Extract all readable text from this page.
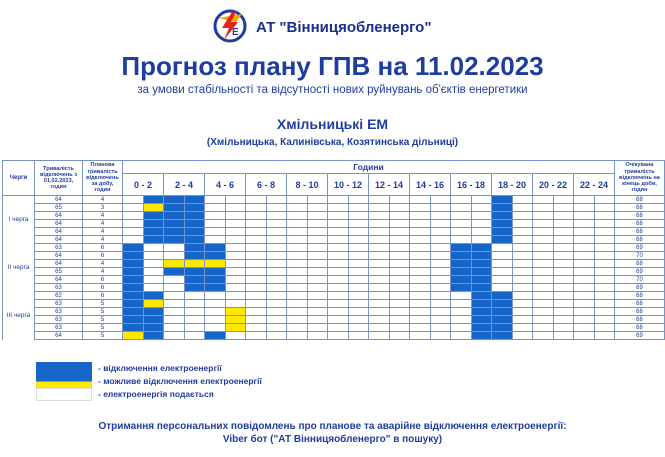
E АТ "Вінницяобленерго"
Прогноз плану ГПВ на 11.02.2023
за умови стабільності та відсутності нових руйнувань об'єктів енергетики
Хмільницькі ЕМ
(Хмільницька, Калинівська, Козятинська дільниці)
Черги	Тривалість відключень з 01.02.2023, годин	Планова тривалість відключень за добу, годин	Години																								Очікувана тривалість відключень на кінець доби, годин
			0 - 2		2 - 4		4 - 6		6 - 8		8 - 10		10 - 12		12 - 14		14 - 16		16 - 18		18 - 20		20 - 22		22 - 24		
І черга	64	4																									68
	65	3																									68
	64	4																									68
	64	4																									68
	64	4																									68
	64	4																									68
ІІ черга	63	6																									69
	64	6																									70
	64	4																									68
	65	4																									69
	64	6																									70
	63	6																									69
ІІІ черга	62	6																									68
	63	5																									68
	63	5																									68
	63	5																									68
	63	5																									68
	64	5																									69
- відключення електроенергії
- можливе відключення електроенергії
- електроенергія подається
Отримання персональних повідомлень про планове та аварійне відключення електроенергії:
Viber бот ("АТ Вінницяобленерго" в пошуку)
